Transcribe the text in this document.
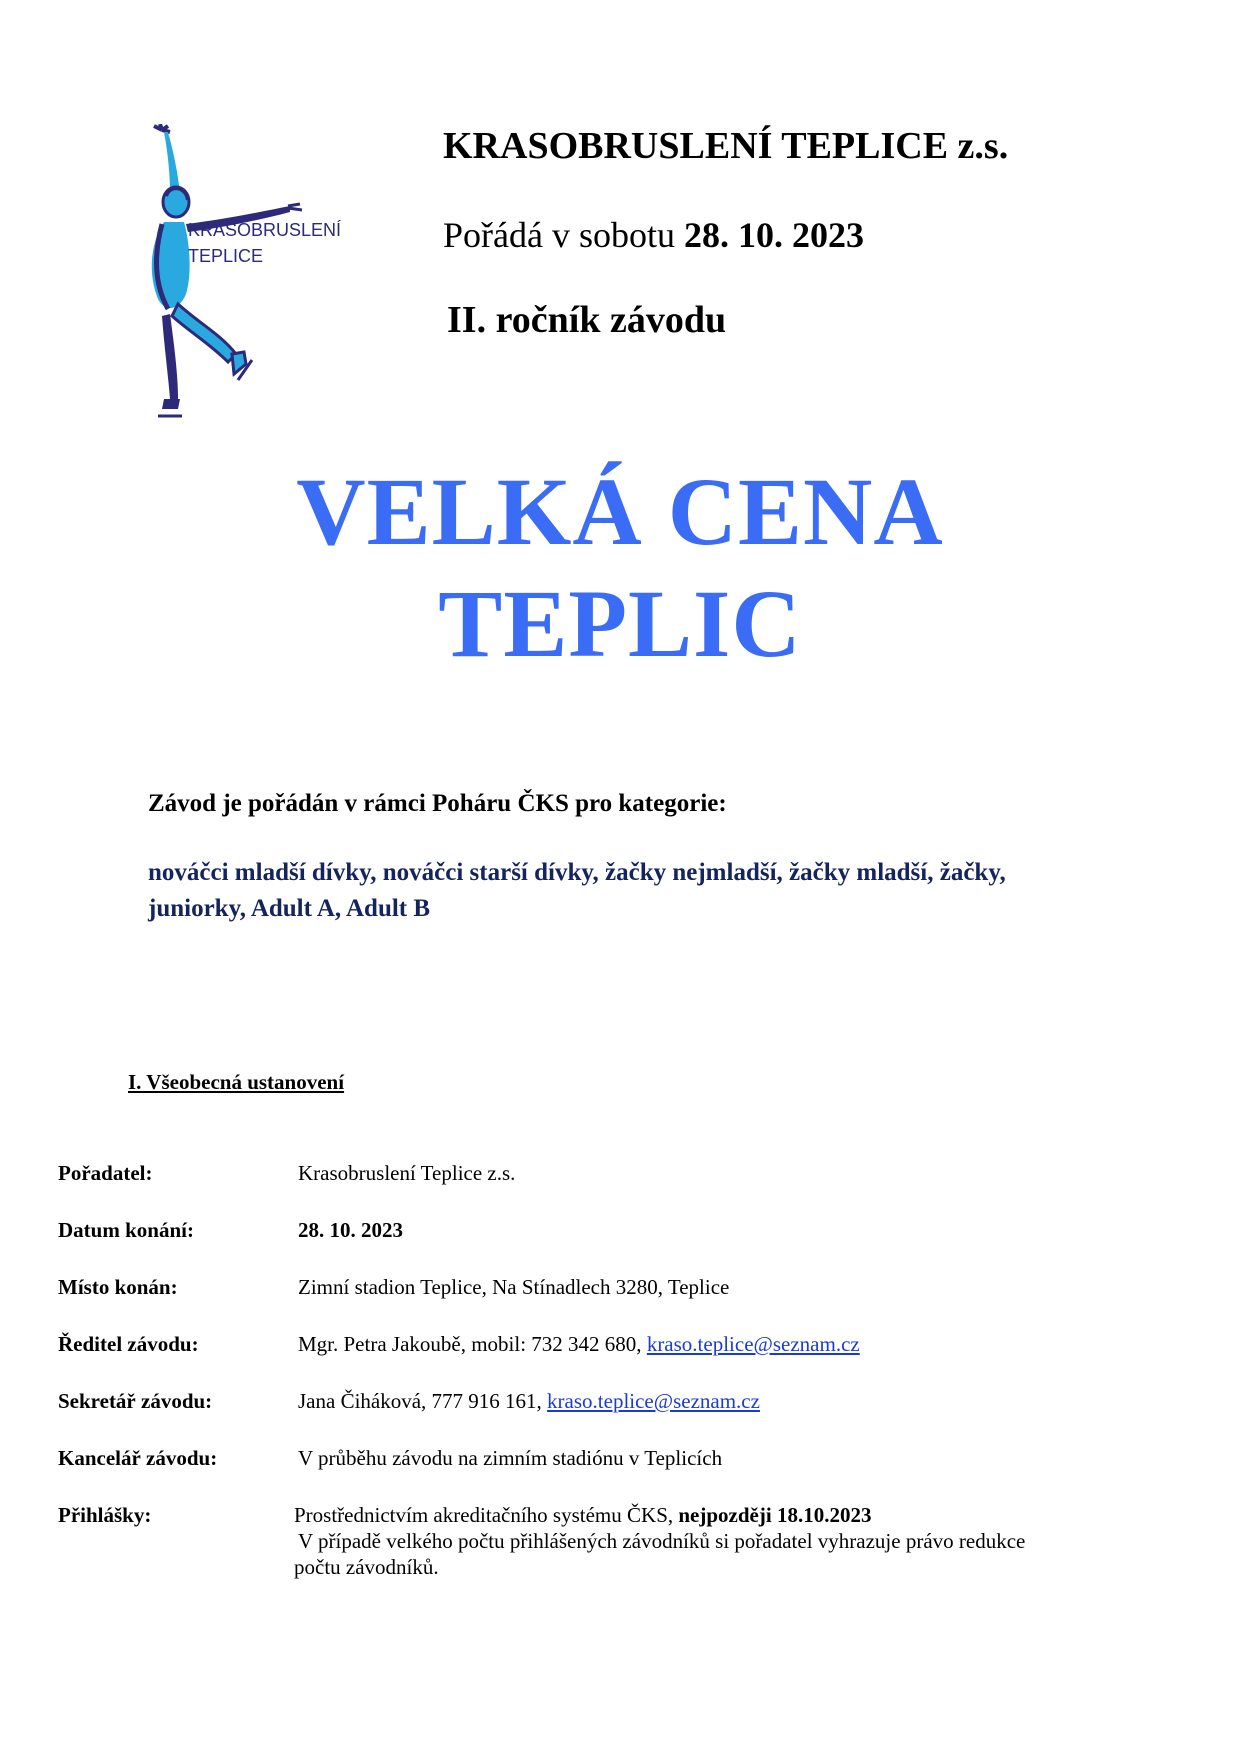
KRASOBRUSLENÍ
TEPLICE
KRASOBRUSLENÍ TEPLICE z.s.
Pořádá v sobotu 28. 10. 2023
II. ročník závodu
VELKÁ CENA
TEPLIC
Závod je pořádán v rámci Poháru ČKS pro kategorie:
nováčci mladší dívky, nováčci starší dívky, žačky nejmladší, žačky mladší, žačky, juniorky, Adult A, Adult B
I. Všeobecná ustanovení
Pořadatel:	Krasobruslení Teplice z.s.
Datum konání:	28. 10. 2023
Místo konán:	Zimní stadion Teplice, Na Stínadlech 3280, Teplice
Ředitel závodu:	Mgr. Petra Jakoubě, mobil: 732 342 680, kraso.teplice@seznam.cz
Sekretář závodu:	Jana Čiháková, 777 916 161, kraso.teplice@seznam.cz
Kancelář závodu:	V průběhu závodu na zimním stadiónu v Teplicích
Přihlášky:	Prostřednictvím akreditačního systému ČKS, nejpozději 18.10.2023
V případě velkého počtu přihlášených závodníků si pořadatel vyhrazuje právo redukce
počtu závodníků.
